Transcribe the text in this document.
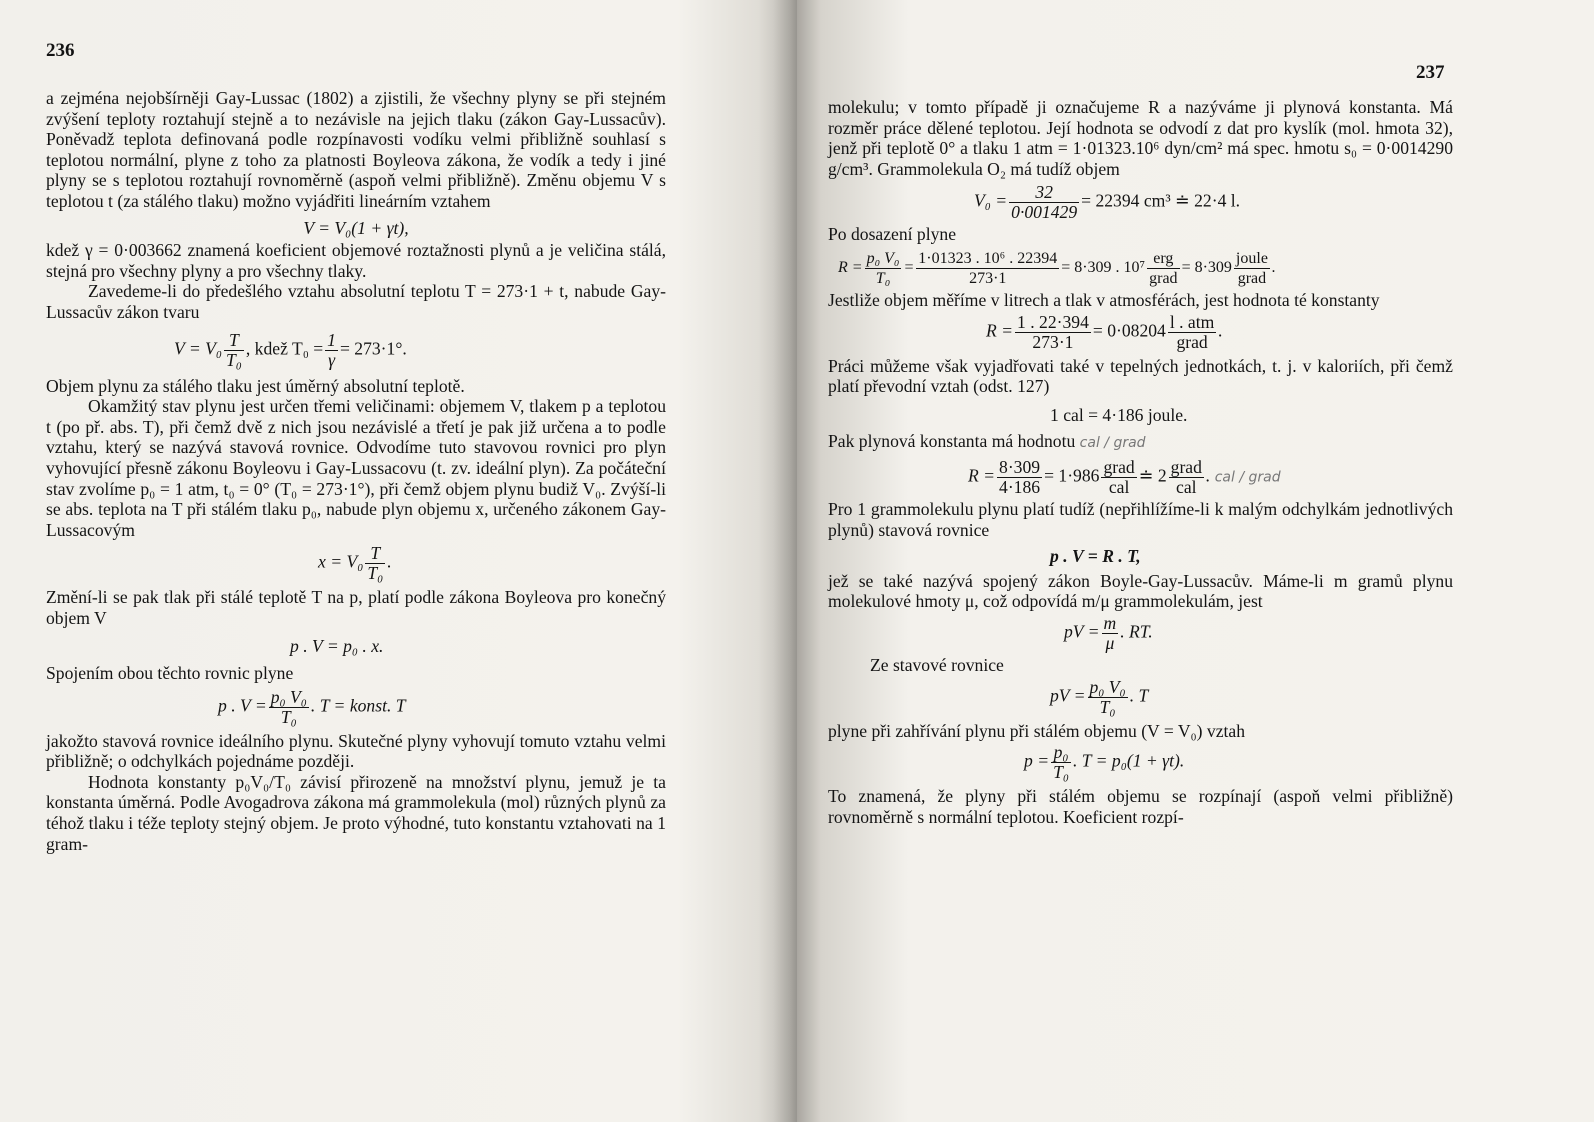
236

a zejména nejobšírněji Gay-Lussac (1802) a zjistili, že všechny plyny se při stejném zvýšení teploty roztahují stejně a to nezávisle na jejich tlaku (zákon Gay-Lussacův). Poněvadž teplota definovaná podle rozpínavosti vodíku velmi přibližně souhlasí s teplotou normální, plyne z toho za platnosti Boyleova zákona, že vodík a tedy i jiné plyny se s teplotou roztahují rovnoměrně (aspoň velmi přibližně). Změnu objemu V s teplotou t (za stálého tlaku) možno vyjádřiti lineárním vztahem

V = V₀(1 + γt),

kdež γ = 0·003662 znamená koeficient objemové roztažnosti plynů a je veličina stálá, stejná pro všechny plyny a pro všechny tlaky.

Zavedeme-li do předešlého vztahu absolutní teplotu T = 273·1 + t, nabude Gay-Lussacův zákon tvaru

$V = V_0 \frac{T}{\text{T₀}}$ , kdež $T_0 = \frac{1}{\gamma} = 273\cdot 1^\circ$.

Objem plynu za stálého tlaku jest úměrný absolutní teplotě.

Okamžitý stav plynu jest určen třemi veličinami: objemem V, tlakem p a teplotou t (po př. abs. T), při čemž dvě z nich jsou nezávislé a třetí je pak již určena a to podle vztahu, který se nazývá stavová rovnice. Odvodíme tuto stavovou rovnici pro plyn vyhovující přesně zákonu Boyleovu i Gay-Lussacovu (t. zv. ideální plyn). Za počáteční stav zvolíme p₀ = 1 atm, t₀ = 0° (T₀ = 273·1°), při čemž objem plynu budiž V₀. Zvýší-li se abs. teplota na T při stálém tlaku p₀, nabude plyn objemu x, určeného zákonem Gay-Lussacovým

$x = V_0 \frac{T}{\text{T₀}}$ .

Změní-li se pak tlak při stálé teplotě T na p, platí podle zákona Boyleova pro konečný objem V

p . V = p₀ . x.

Spojením obou těchto rovnic plyne

p . $V = \frac{\text{p₀ V₀}}{\text{T₀}}$ . T = konst. T

jakožto stavová rovnice ideálního plynu. Skutečné plyny vyhovují tomuto vztahu velmi přibližně; o odchylkách pojednáme později.

Hodnota konstanty p₀V₀/T₀ závisí přirozeně na množství plynu, jemuž je ta konstanta úměrná. Podle Avogadrova zákona má grammolekula (mol) různých plynů za téhož tlaku i téže teploty stejný objem. Je proto výhodné, tuto konstantu vztahovati na 1 gram-

237

molekulu; v tomto případě ji označujeme R a nazýváme ji plynová konstanta. Má rozměr práce dělené teplotou. Její hodnota se odvodí z dat pro kyslík (mol. hmota 32), jenž při teplotě 0° a tlaku 1 atm = 1·01323.10⁶ dyn/cm² má spec. hmotu s₀ = 0·0014290 g/cm³. Grammolekula O₂ má tudíž objem

$V_0 = \frac{32}{0\cdot 001429} = 22394$ cm³ ≐ 22·4 l.

Po dosazení plyne

$R = \frac{\text{p₀ V₀}}{\text{T₀}} = \frac{\text{1·01323 . 10⁶ . 22394}}{273\cdot 1} = 8\cdot 309$ . $10^7 \frac{\text{erg}}{\text{grad}} = 8\cdot 309 \frac{\text{joule}}{\text{grad}}$ .

Jestliže objem měříme v litrech a tlak v atmosférách, jest hodnota té konstanty

$R = \frac{1 . 22\cdot 394}{273\cdot 1} = 0\cdot 08204 \frac{\text{l . atm}}{\text{grad}}$ .

Práci můžeme však vyjadřovati také v tepelných jednotkách, t. j. v kaloriích, při čemž platí převodní vztah (odst. 127)

1 cal = 4·186 joule.

Pak plynová konstanta má hodnotu cal / grad

$R = \frac{8\cdot 309}{4\cdot 186} = 1\cdot 986 \frac{\text{grad}}{\text{cal}}$ ≐ $2 \frac{\text{grad}}{\text{cal}}$ . cal / grad

Pro 1 grammolekulu plynu platí tudíž (nepřihlížíme-li k malým odchylkám jednotlivých plynů) stavová rovnice

p . V = R . T,

jež se také nazývá spojený zákon Boyle-Gay-Lussacův. Máme-li m gramů plynu molekulové hmoty μ, což odpovídá m/μ grammolekulám, jest

pV = $\frac{m}{\mu}$ . RT.

Ze stavové rovnice

pV = $\frac{\text{p₀ V₀}}{\text{T₀}}$ . T

plyne při zahřívání plynu při stálém objemu (V = V₀) vztah

$p = \frac{\text{p₀}}{\text{T₀}}$ . T = p₀(1 + γt).

To znamená, že plyny při stálém objemu se rozpínají (aspoň velmi přibližně) rovnoměrně s normální teplotou. Koeficient rozpí-
